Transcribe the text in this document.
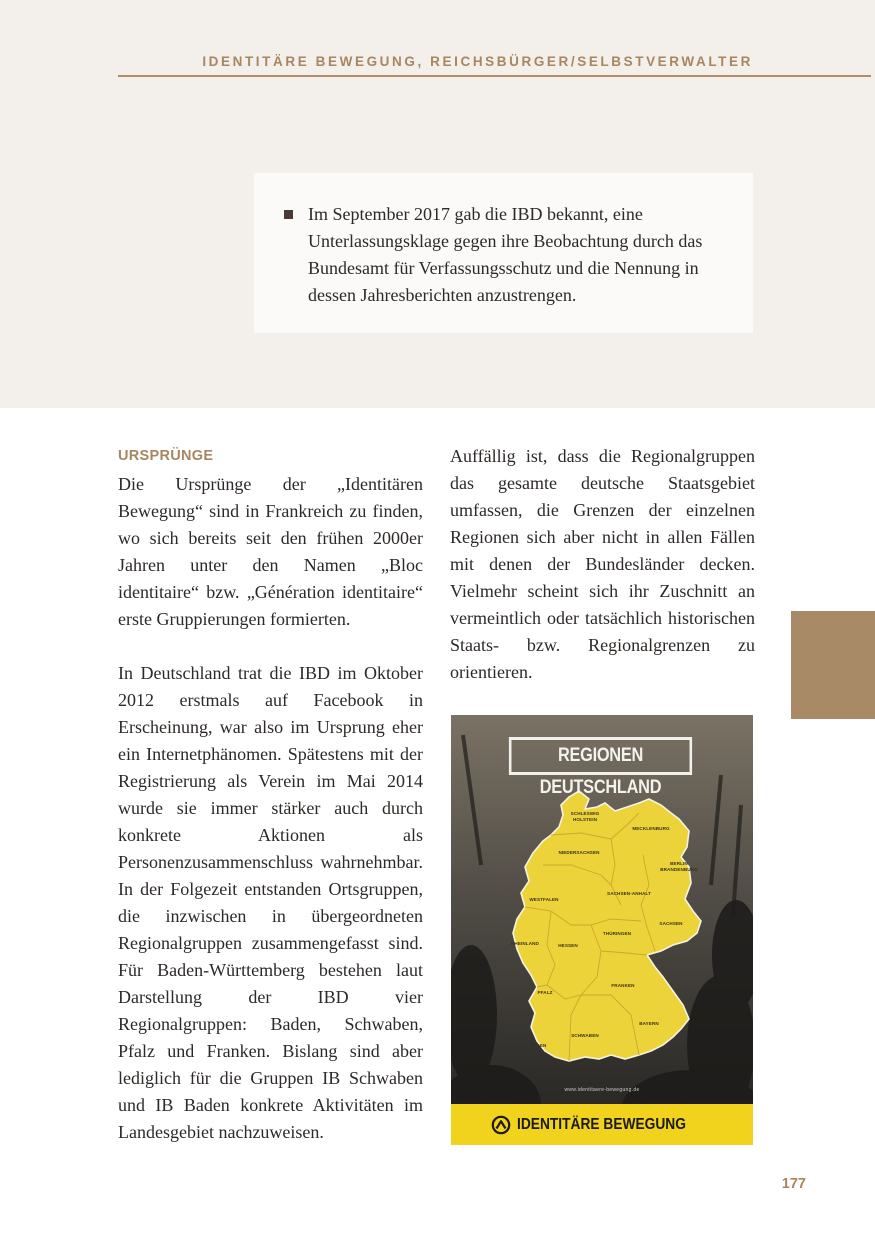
IDENTITÄRE BEWEGUNG, REICHSBÜRGER/SELBSTVERWALTER
Im September 2017 gab die IBD bekannt, eine Unterlassungsklage gegen ihre Beobachtung durch das Bundesamt für Verfassungsschutz und die Nennung in dessen Jahresberichten anzustrengen.
URSPRÜNGE

Die Ursprünge der „Identitären Bewegung“ sind in Frankreich zu finden, wo sich bereits seit den frühen 2000er Jahren unter den Namen „Bloc identitaire“ bzw. „Génération identitaire“ erste Gruppierungen formierten.

In Deutschland trat die IBD im Oktober 2012 erstmals auf Facebook in Erscheinung, war also im Ursprung eher ein Internetphänomen. Spätestens mit der Registrierung als Verein im Mai 2014 wurde sie immer stärker auch durch konkrete Aktionen als Personenzusammenschluss wahrnehmbar. In der Folgezeit entstanden Ortsgruppen, die inzwischen in übergeordneten Regionalgruppen zusammengefasst sind. Für Baden-Württemberg bestehen laut Darstellung der IBD vier Regionalgruppen: Baden, Schwaben, Pfalz und Franken. Bislang sind aber lediglich für die Gruppen IB Schwaben und IB Baden konkrete Aktivitäten im Landesgebiet nachzuweisen.

Auffällig ist, dass die Regionalgruppen das gesamte deutsche Staatsgebiet umfassen, die Grenzen der einzelnen Regionen sich aber nicht in allen Fällen mit denen der Bundesländer decken. Vielmehr scheint sich ihr Zuschnitt an vermeintlich oder tatsächlich historischen Staats- bzw. Regionalgrenzen zu orientieren.

REGIONEN DEUTSCHLAND
SCHLESWIG HOLSTEIN
MECKLENBURG
NIEDERSACHSEN
BERLIN BRANDENBURG
WESTFALEN
SACHSEN-ANHALT
SACHSEN
RHEINLAND	HESSEN
THÜRINGEN
PFALZ
FRANKEN
BAYERN
SCHWABEN
BADEN
www.identitaere-bewegung.de
IDENTITÄRE BEWEGUNG
177
